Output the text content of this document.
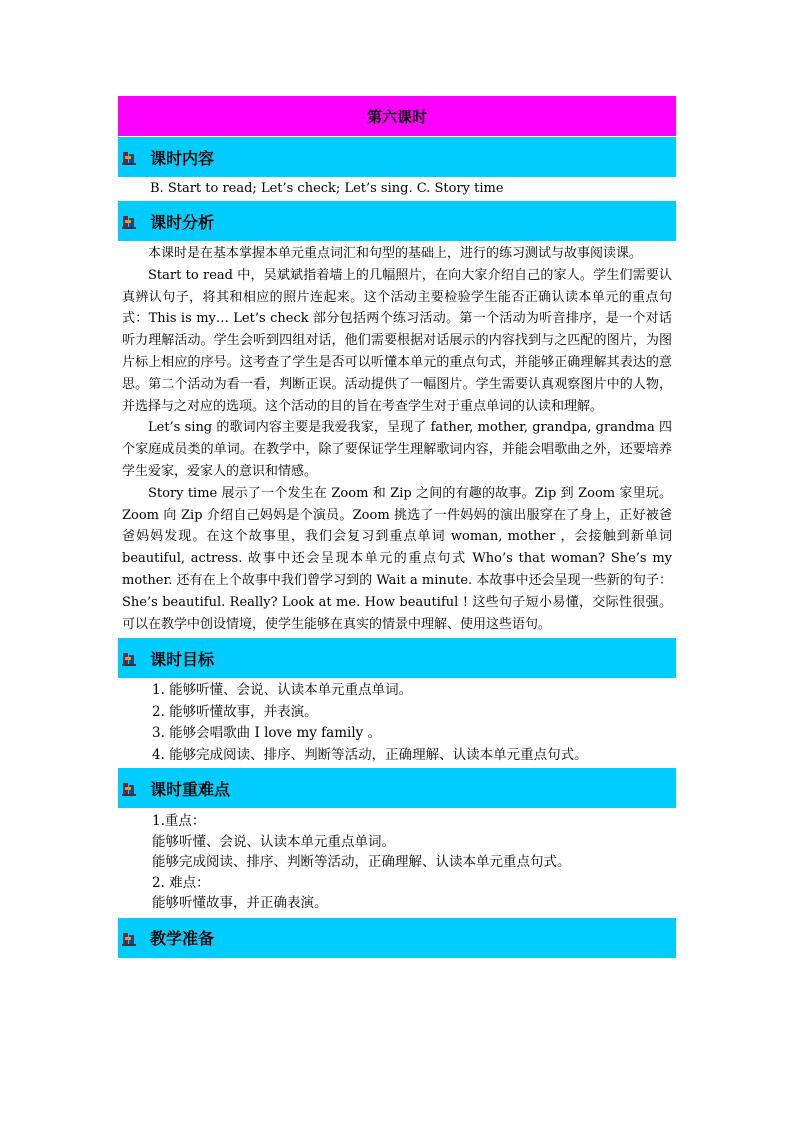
第六课时
课时内容
B. Start to read; Let’s check; Let’s sing. C. Story time
课时分析

本课时是在基本掌握本单元重点词汇和句型的基础上，进行的练习测试与故事阅读课。

Start to read 中，吴斌斌指着墙上的几幅照片，在向大家介绍自己的家人。学生们需要认真辨认句子，将其和相应的照片连起来。这个活动主要检验学生能否正确认读本单元的重点句式：This is my… Let’s check 部分包括两个练习活动。第一个活动为听音排序，是一个对话听力理解活动。学生会听到四组对话，他们需要根据对话展示的内容找到与之匹配的图片，为图片标上相应的序号。这考查了学生是否可以听懂本单元的重点句式，并能够正确理解其表达的意思。第二个活动为看一看，判断正误。活动提供了一幅图片。学生需要认真观察图片中的人物，并选择与之对应的选项。这个活动的目的旨在考查学生对于重点单词的认读和理解。

Let’s sing 的歌词内容主要是我爱我家，呈现了 father, mother, grandpa, grandma 四个家庭成员类的单词。在教学中，除了要保证学生理解歌词内容，并能会唱歌曲之外，还要培养学生爱家，爱家人的意识和情感。

Story time 展示了一个发生在 Zoom 和 Zip 之间的有趣的故事。Zip 到 Zoom 家里玩。Zoom 向 Zip 介绍自己妈妈是个演员。Zoom 挑选了一件妈妈的演出服穿在了身上，正好被爸爸妈妈发现。在这个故事里，我们会复习到重点单词 woman, mother ，会接触到新单词 beautiful, actress. 故事中还会呈现本单元的重点句式 Who’s that woman? She’s my mother. 还有在上个故事中我们曾学习到的 Wait a minute. 本故事中还会呈现一些新的句子：She’s beautiful. Really? Look at me. How beautiful ! 这些句子短小易懂，交际性很强。可以在教学中创设情境，使学生能够在真实的情景中理解、使用这些语句。

课时目标
1. 能够听懂、会说、认读本单元重点单词。
2. 能够听懂故事，并表演。
3. 能够会唱歌曲 I love my family 。
4. 能够完成阅读、排序、判断等活动，正确理解、认读本单元重点句式。
课时重难点
1.重点：
能够听懂、会说、认读本单元重点单词。
能够完成阅读、排序、判断等活动，正确理解、认读本单元重点句式。
2. 难点：
能够听懂故事，并正确表演。
教学准备
